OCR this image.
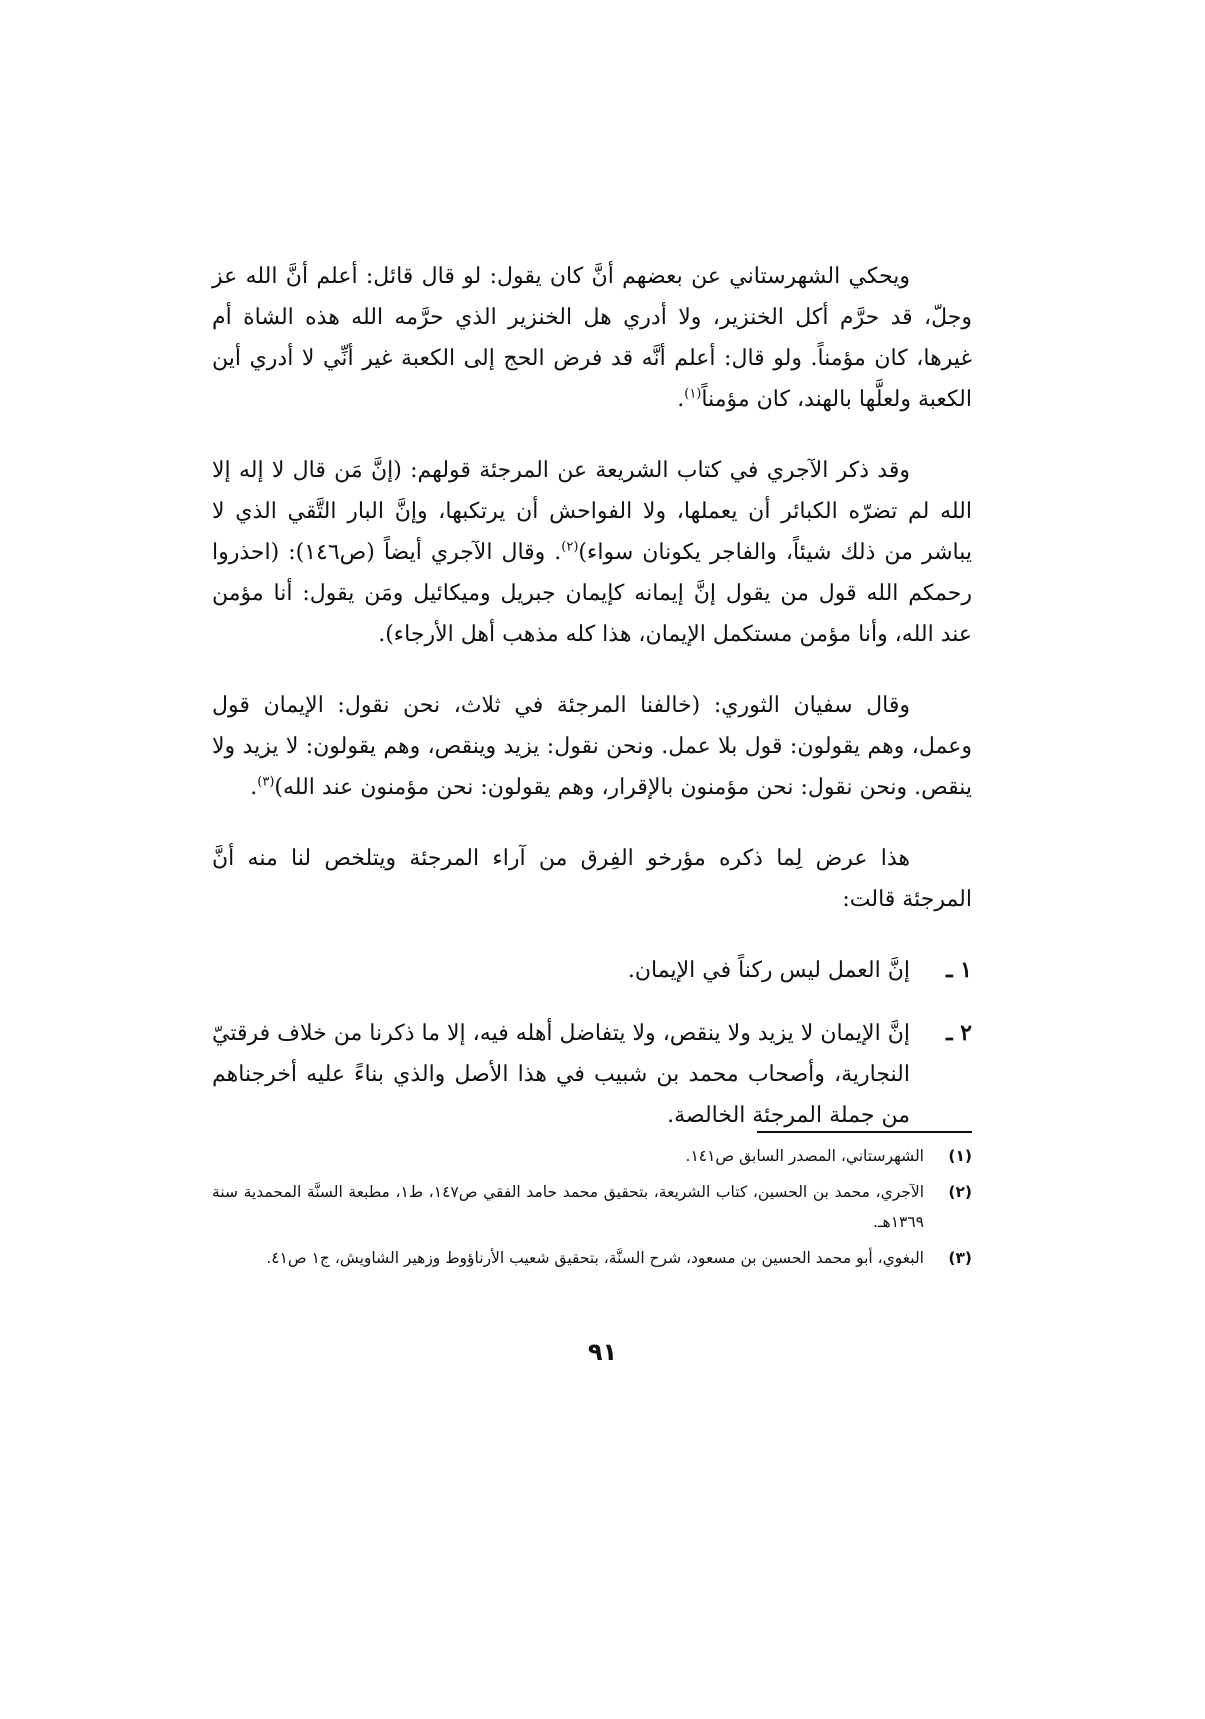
ويحكي الشهرستاني عن بعضهم أنَّ كان يقول: لو قال قائل: أعلم أنَّ الله عز وجلّ، قد حرَّم أكل الخنزير، ولا أدري هل الخنزير الذي حرَّمه الله هذه الشاة أم غيرها، كان مؤمناً. ولو قال: أعلم أنَّه قد فرض الحج إلى الكعبة غير أنِّي لا أدري أين الكعبة ولعلَّها بالهند، كان مؤمناً$^{(١)}$.

وقد ذكر الآجري في كتاب الشريعة عن المرجئة قولهم: (إنَّ مَن قال لا إله إلا الله لم تضرّه الكبائر أن يعملها، ولا الفواحش أن يرتكبها، وإنَّ البار التَّقي الذي لا يباشر من ذلك شيئاً، والفاجر يكونان سواء)$^{(٢)}$. وقال الآجري أيضاً (ص١٤٦): (احذروا رحمكم الله قول من يقول إنَّ إيمانه كإيمان جبريل وميكائيل ومَن يقول: أنا مؤمن عند الله، وأنا مؤمن مستكمل الإيمان، هذا كله مذهب أهل الأرجاء).

وقال سفيان الثوري: (خالفنا المرجئة في ثلاث، نحن نقول: الإيمان قول وعمل، وهم يقولون: قول بلا عمل. ونحن نقول: يزيد وينقص، وهم يقولون: لا يزيد ولا ينقص. ونحن نقول: نحن مؤمنون بالإقرار، وهم يقولون: نحن مؤمنون عند الله)$^{(٣)}$.

هذا عرض لِما ذكره مؤرخو الفِرق من آراء المرجئة ويتلخص لنا منه أنَّ المرجئة قالت:

١ ـ
إنَّ العمل ليس ركناً في الإيمان.
٢ ـ
إنَّ الإيمان لا يزيد ولا ينقص، ولا يتفاضل أهله فيه، إلا ما ذكرنا من خلاف فرقتيّ النجارية، وأصحاب محمد بن شبيب في هذا الأصل والذي بناءً عليه أخرجناهم من جملة المرجئة الخالصة.
(١)
الشهرستاني، المصدر السابق ص١٤١.
(٢)
الآجري، محمد بن الحسين، كتاب الشريعة، بتحقيق محمد حامد الفقي ص١٤٧، ط١، مطبعة السنَّة المحمدية سنة ١٣٦٩هـ.
(٣)
البغوي، أبو محمد الحسين بن مسعود، شرح السنَّة، بتحقيق شعيب الأرناؤوط وزهير الشاويش، ج١ ص٤١.
٩١
